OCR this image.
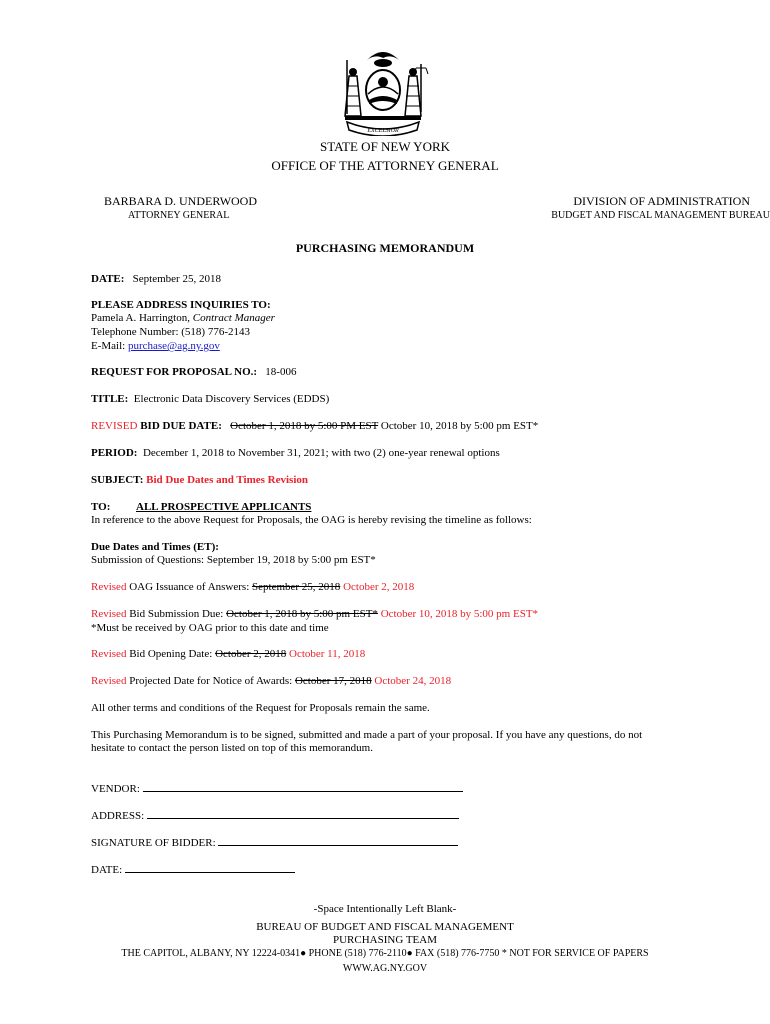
EXCELSIOR
STATE OF NEW YORK
OFFICE OF THE ATTORNEY GENERAL
BARBARA D. UNDERWOOD
ATTORNEY GENERAL
DIVISION OF ADMINISTRATION
BUDGET AND FISCAL MANAGEMENT BUREAU
PURCHASING MEMORANDUM
DATE: September 25, 2018
PLEASE ADDRESS INQUIRIES TO:
Pamela A. Harrington, Contract Manager
Telephone Number: (518) 776-2143
E-Mail: purchase@ag.ny.gov
REQUEST FOR PROPOSAL NO.: 18-006
TITLE: Electronic Data Discovery Services (EDDS)
REVISED BID DUE DATE: October 1, 2018 by 5:00 PM EST October 10, 2018 by 5:00 pm EST*
PERIOD: December 1, 2018 to November 31, 2021; with two (2) one-year renewal options
SUBJECT: Bid Due Dates and Times Revision
TO: ALL PROSPECTIVE APPLICANTS
In reference to the above Request for Proposals, the OAG is hereby revising the timeline as follows:
Due Dates and Times (ET):
Submission of Questions: September 19, 2018 by 5:00 pm EST*
Revised OAG Issuance of Answers: September 25, 2018 October 2, 2018
Revised Bid Submission Due: October 1, 2018 by 5:00 pm EST* October 10, 2018 by 5:00 pm EST*
*Must be received by OAG prior to this date and time
Revised Bid Opening Date: October 2, 2018 October 11, 2018
Revised Projected Date for Notice of Awards: October 17, 2018 October 24, 2018
All other terms and conditions of the Request for Proposals remain the same.
This Purchasing Memorandum is to be signed, submitted and made a part of your proposal. If you have any questions, do not
hesitate to contact the person listed on top of this memorandum.
VENDOR:
ADDRESS:
SIGNATURE OF BIDDER:
DATE:
-Space Intentionally Left Blank-
BUREAU OF BUDGET AND FISCAL MANAGEMENT
PURCHASING TEAM
THE CAPITOL, ALBANY, NY 12224-0341● PHONE (518) 776-2110● FAX (518) 776-7750 * NOT FOR SERVICE OF PAPERS
WWW.AG.NY.GOV
